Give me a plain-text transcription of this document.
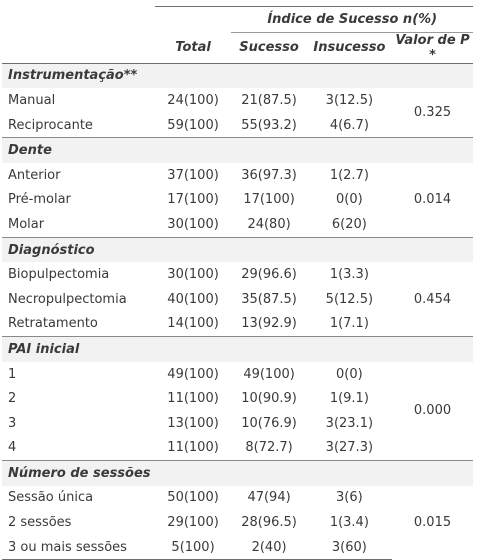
		Índice de Sucesso n(%)		
	Total	Sucesso	Insucesso	Valor de P *
Instrumentação**				
Manual	24(100)	21(87.5)	3(12.5)	0.325
Reciprocante	59(100)	55(93.2)	4(6.7)	
Dente				
Anterior	37(100)	36(97.3)	1(2.7)	0.014
Pré-molar	17(100)	17(100)	0(0)	
Molar	30(100)	24(80)	6(20)	
Diagnóstico				
Biopulpectomia	30(100)	29(96.6)	1(3.3)	0.454
Necropulpectomia	40(100)	35(87.5)	5(12.5)	
Retratamento	14(100)	13(92.9)	1(7.1)	
PAI inicial				
1	49(100)	49(100)	0(0)	0.000
2	11(100)	10(90.9)	1(9.1)	
3	13(100)	10(76.9)	3(23.1)	
4	11(100)	8(72.7)	3(27.3)	
Número de sessões				
Sessão única	50(100)	47(94)	3(6)	0.015
2 sessões	29(100)	28(96.5)	1(3.4)	
3 ou mais sessões	5(100)	2(40)	3(60)	
